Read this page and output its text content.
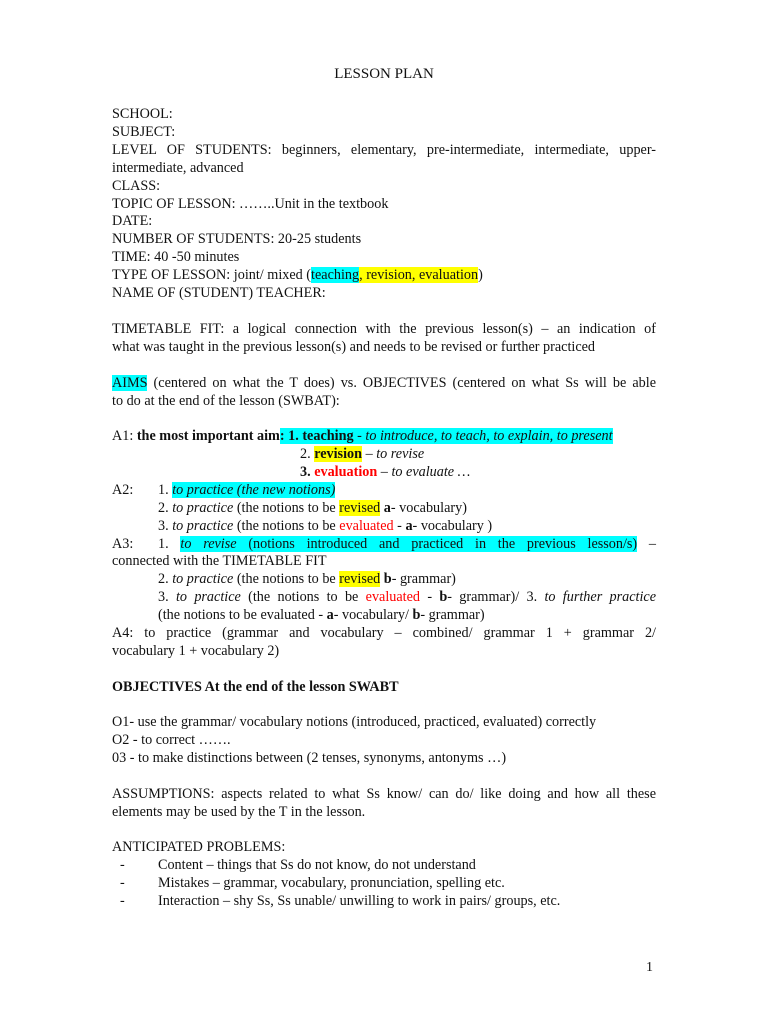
LESSON PLAN
SCHOOL:
SUBJECT:
LEVEL OF STUDENTS: beginners, elementary, pre-intermediate, intermediate, upper-
intermediate, advanced
CLASS:
TOPIC OF LESSON: ……..Unit in the textbook
DATE:
NUMBER OF STUDENTS: 20-25 students
TIME: 40 -50 minutes
TYPE OF LESSON: joint/ mixed (teaching, revision, evaluation)
NAME OF (STUDENT) TEACHER:
TIMETABLE FIT: a logical connection with the previous lesson(s) – an indication of
what was taught in the previous lesson(s) and needs to be revised or further practiced
AIMS (centered on what the T does) vs. OBJECTIVES (centered on what Ss will be able
to do at the end of the lesson (SWBAT):
A1: the most important aim: 1. teaching - to introduce, to teach, to explain, to present
2. revision – to revise
3. evaluation – to evaluate …
A2:	1. to practice (the new notions)
2. to practice (the notions to be revised a- vocabulary)
3. to practice (the notions to be evaluated - a- vocabulary )
A3:	1. to revise (notions introduced and practiced in the previous lesson/s) –
connected with the TIMETABLE FIT
2. to practice (the notions to be revised b- grammar)
3. to practice (the notions to be evaluated - b- grammar)/ 3. to further practice
(the notions to be evaluated - a- vocabulary/ b- grammar)
A4: to practice (grammar and vocabulary – combined/ grammar 1 + grammar 2/
vocabulary 1 + vocabulary 2)
OBJECTIVES At the end of the lesson SWABT
O1- use the grammar/ vocabulary notions (introduced, practiced, evaluated) correctly
O2 - to correct …….
03 - to make distinctions between (2 tenses, synonyms, antonyms …)
ASSUMPTIONS: aspects related to what Ss know/ can do/ like doing and how all these
elements may be used by the T in the lesson.
ANTICIPATED PROBLEMS:
- Content – things that Ss do not know, do not understand
- Mistakes – grammar, vocabulary, pronunciation, spelling etc.
- Interaction – shy Ss, Ss unable/ unwilling to work in pairs/ groups, etc.
1
